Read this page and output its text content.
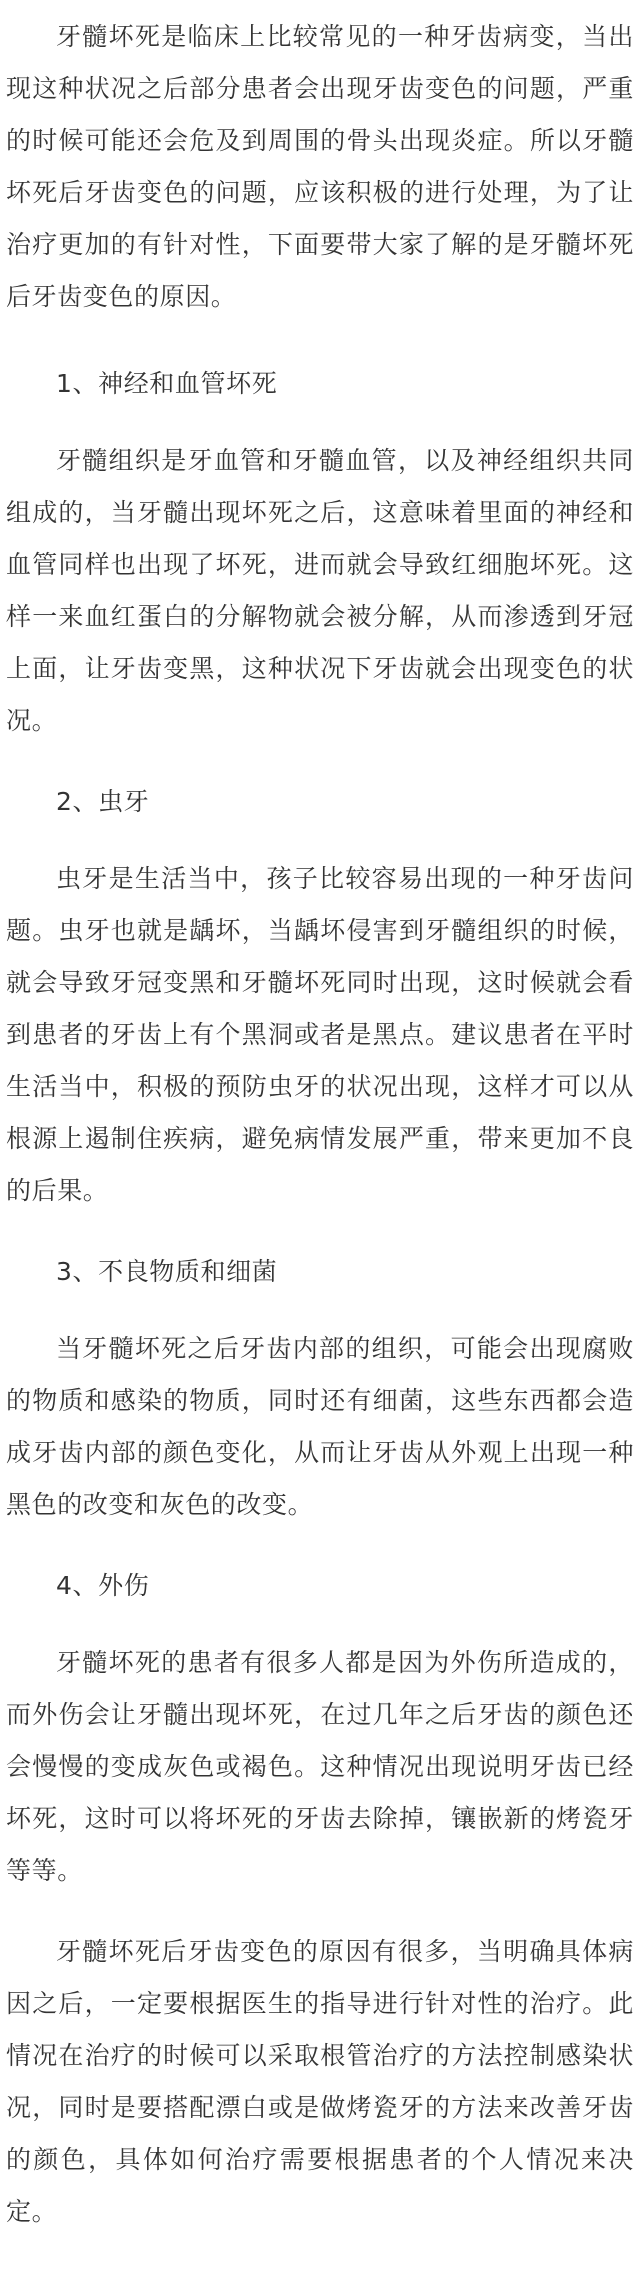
牙髓坏死是临床上比较常见的一种牙齿病变，当出现这种状况之后部分患者会出现牙齿变色的问题，严重的时候可能还会危及到周围的骨头出现炎症。所以牙髓坏死后牙齿变色的问题，应该积极的进行处理，为了让治疗更加的有针对性，下面要带大家了解的是牙髓坏死后牙齿变色的原因。

1、神经和血管坏死

牙髓组织是牙血管和牙髓血管，以及神经组织共同组成的，当牙髓出现坏死之后，这意味着里面的神经和血管同样也出现了坏死，进而就会导致红细胞坏死。这样一来血红蛋白的分解物就会被分解，从而渗透到牙冠上面，让牙齿变黑，这种状况下牙齿就会出现变色的状况。

2、虫牙

虫牙是生活当中，孩子比较容易出现的一种牙齿问题。虫牙也就是龋坏，当龋坏侵害到牙髓组织的时候，就会导致牙冠变黑和牙髓坏死同时出现，这时候就会看到患者的牙齿上有个黑洞或者是黑点。建议患者在平时生活当中，积极的预防虫牙的状况出现，这样才可以从根源上遏制住疾病，避免病情发展严重，带来更加不良的后果。

3、不良物质和细菌

当牙髓坏死之后牙齿内部的组织，可能会出现腐败的物质和感染的物质，同时还有细菌，这些东西都会造成牙齿内部的颜色变化，从而让牙齿从外观上出现一种黑色的改变和灰色的改变。

4、外伤

牙髓坏死的患者有很多人都是因为外伤所造成的，而外伤会让牙髓出现坏死，在过几年之后牙齿的颜色还会慢慢的变成灰色或褐色。这种情况出现说明牙齿已经坏死，这时可以将坏死的牙齿去除掉，镶嵌新的烤瓷牙等等。

牙髓坏死后牙齿变色的原因有很多，当明确具体病因之后，一定要根据医生的指导进行针对性的治疗。此情况在治疗的时候可以采取根管治疗的方法控制感染状况，同时是要搭配漂白或是做烤瓷牙的方法来改善牙齿的颜色，具体如何治疗需要根据患者的个人情况来决定。
